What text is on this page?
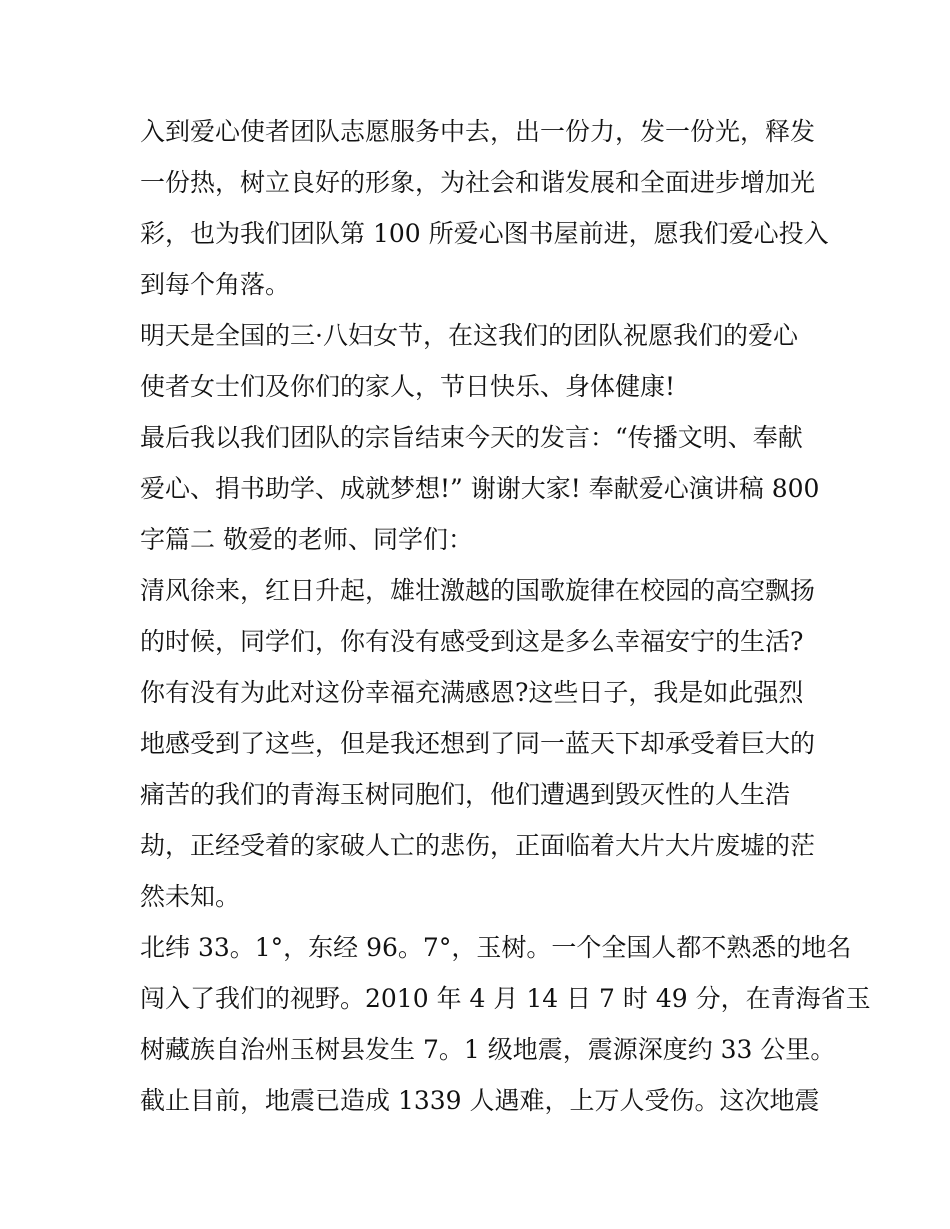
入到爱心使者团队志愿服务中去，出一份力，发一份光，释发
一份热，树立良好的形象，为社会和谐发展和全面进步增加光
彩，也为我们团队第 100 所爱心图书屋前进，愿我们爱心投入
到每个角落。
明天是全国的三·八妇女节，在这我们的团队祝愿我们的爱心
使者女士们及你们的家人，节日快乐、身体健康!
最后我以我们团队的宗旨结束今天的发言：“传播文明、奉献
爱心、捐书助学、成就梦想!” 谢谢大家! 奉献爱心演讲稿 800
字篇二 敬爱的老师、同学们：
清风徐来，红日升起，雄壮激越的国歌旋律在校园的高空飘扬
的时候，同学们，你有没有感受到这是多么幸福安宁的生活?
你有没有为此对这份幸福充满感恩?这些日子，我是如此强烈
地感受到了这些，但是我还想到了同一蓝天下却承受着巨大的
痛苦的我们的青海玉树同胞们，他们遭遇到毁灭性的人生浩
劫，正经受着的家破人亡的悲伤，正面临着大片大片废墟的茫
然未知。
北纬 33。1°，东经 96。7°，玉树。一个全国人都不熟悉的地名
闯入了我们的视野。2010 年 4 月 14 日 7 时 49 分，在青海省玉
树藏族自治州玉树县发生 7。1 级地震，震源深度约 33 公里。
截止目前，地震已造成 1339 人遇难，上万人受伤。这次地震
